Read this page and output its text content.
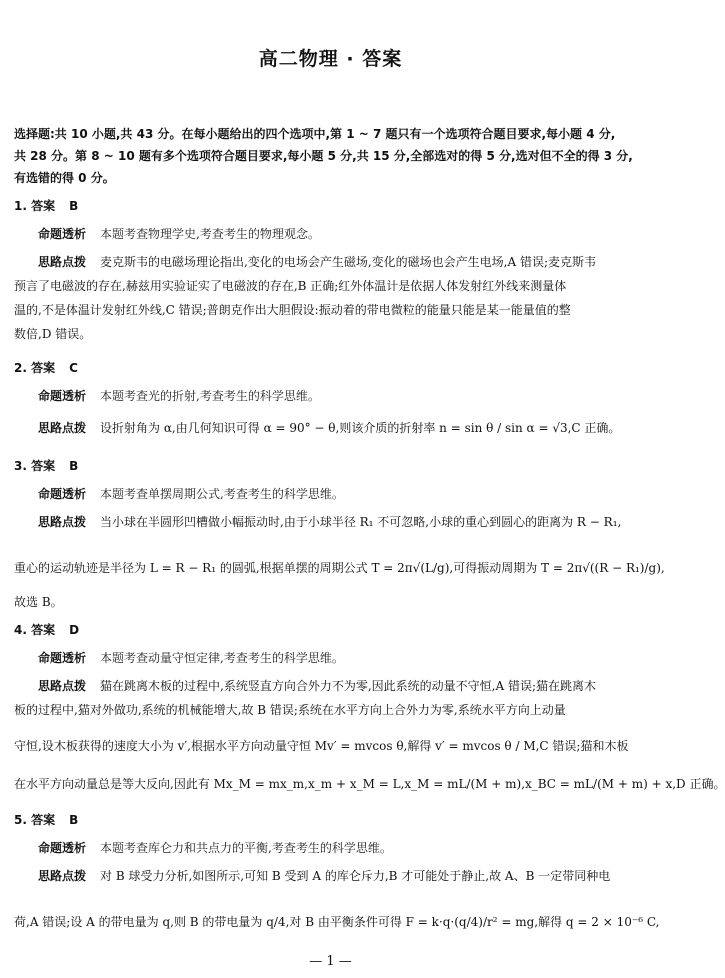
高二物理 · 答案
选择题:共 10 小题,共 43 分。在每小题给出的四个选项中,第 1 ~ 7 题只有一个选项符合题目要求,每小题 4 分,
共 28 分。第 8 ~ 10 题有多个选项符合题目要求,每小题 5 分,共 15 分,全部选对的得 5 分,选对但不全的得 3 分,
有选错的得 0 分。
1. 答案 B
命题透析 本题考查物理学史,考查考生的物理观念。
思路点拨 麦克斯韦的电磁场理论指出,变化的电场会产生磁场,变化的磁场也会产生电场,A 错误;麦克斯韦
预言了电磁波的存在,赫兹用实验证实了电磁波的存在,B 正确;红外体温计是依据人体发射红外线来测量体
温的,不是体温计发射红外线,C 错误;普朗克作出大胆假设:振动着的带电微粒的能量只能是某一能量值的整
数倍,D 错误。
2. 答案 C
命题透析 本题考查光的折射,考查考生的科学思维。
思路点拨 设折射角为 α,由几何知识可得 α = 90° − θ,则该介质的折射率 n = sin θ / sin α = √3,C 正确。
3. 答案 B
命题透析 本题考查单摆周期公式,考查考生的科学思维。
思路点拨 当小球在半圆形凹槽做小幅振动时,由于小球半径 R₁ 不可忽略,小球的重心到圆心的距离为 R − R₁,
重心的运动轨迹是半径为 L = R − R₁ 的圆弧,根据单摆的周期公式 T = 2π√(L/g),可得振动周期为 T = 2π√((R − R₁)/g),
故选 B。
4. 答案 D
命题透析 本题考查动量守恒定律,考查考生的科学思维。
思路点拨 猫在跳离木板的过程中,系统竖直方向合外力不为零,因此系统的动量不守恒,A 错误;猫在跳离木
板的过程中,猫对外做功,系统的机械能增大,故 B 错误;系统在水平方向上合外力为零,系统水平方向上动量
守恒,设木板获得的速度大小为 v′,根据水平方向动量守恒 Mv′ = mvcos θ,解得 v′ = mvcos θ / M,C 错误;猫和木板
在水平方向动量总是等大反向,因此有 Mx_M = mx_m,x_m + x_M = L,x_M = mL/(M + m),x_BC = mL/(M + m) + x,D 正确。
5. 答案 B
命题透析 本题考查库仑力和共点力的平衡,考查考生的科学思维。
思路点拨 对 B 球受力分析,如图所示,可知 B 受到 A 的库仑斥力,B 才可能处于静止,故 A、B 一定带同种电
荷,A 错误;设 A 的带电量为 q,则 B 的带电量为 q/4,对 B 由平衡条件可得 F = k·q·(q/4)/r² = mg,解得 q = 2 × 10⁻⁶ C,
— 1 —
